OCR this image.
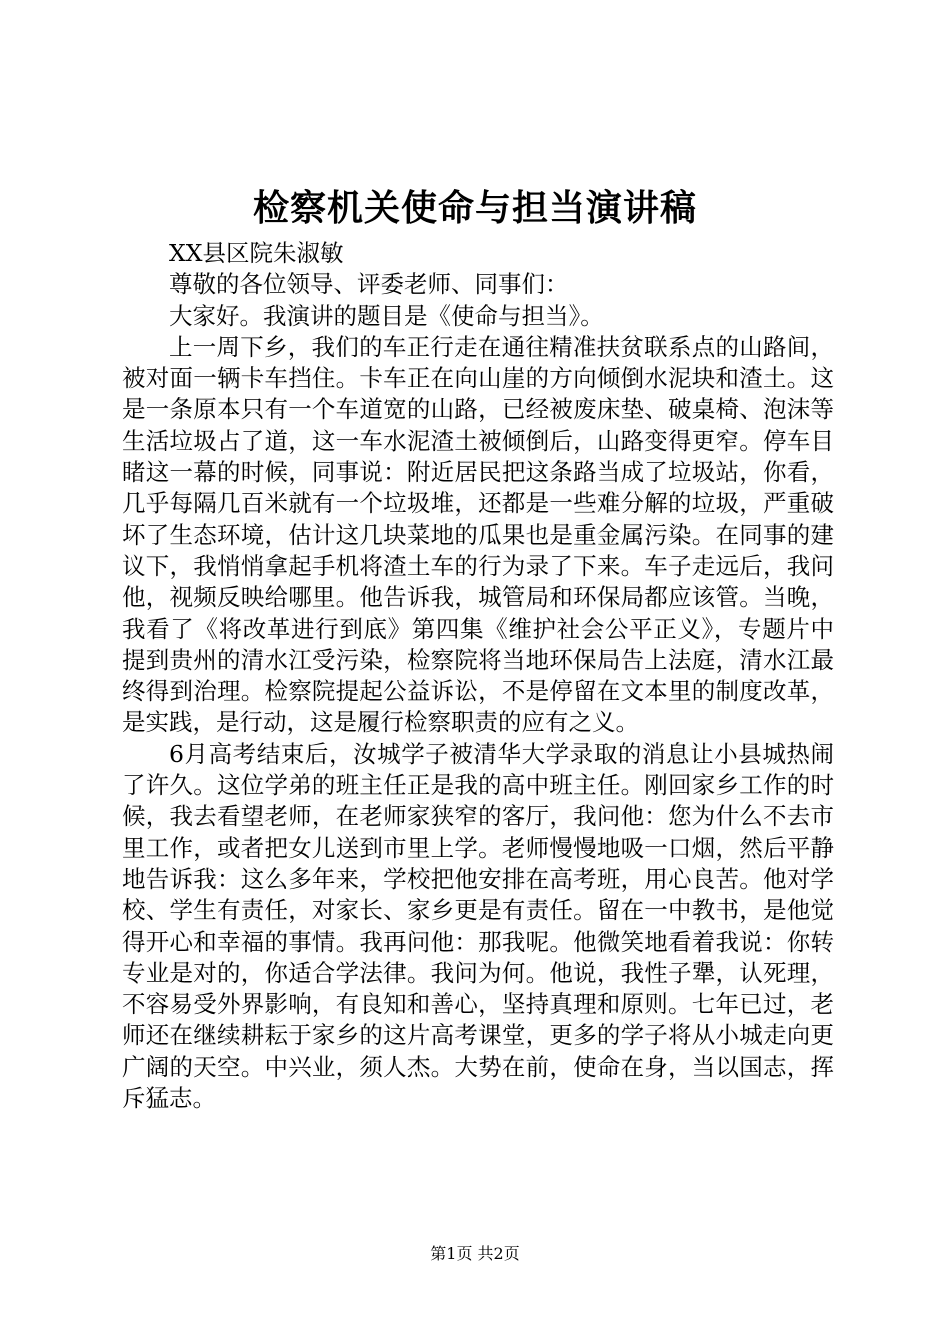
检察机关使命与担当演讲稿

XX县区院朱淑敏

尊敬的各位领导、评委老师、同事们：

大家好。我演讲的题目是《使命与担当》。

上一周下乡，我们的车正行走在通往精准扶贫联系点的山路间，被对面一辆卡车挡住。卡车正在向山崖的方向倾倒水泥块和渣土。这是一条原本只有一个车道宽的山路，已经被废床垫、破桌椅、泡沫等生活垃圾占了道，这一车水泥渣土被倾倒后，山路变得更窄。停车目睹这一幕的时候，同事说：附近居民把这条路当成了垃圾站，你看，几乎每隔几百米就有一个垃圾堆，还都是一些难分解的垃圾，严重破坏了生态环境，估计这几块菜地的瓜果也是重金属污染。在同事的建议下，我悄悄拿起手机将渣土车的行为录了下来。车子走远后，我问他，视频反映给哪里。他告诉我，城管局和环保局都应该管。当晚，我看了《将改革进行到底》第四集《维护社会公平正义》，专题片中提到贵州的清水江受污染，检察院将当地环保局告上法庭，清水江最终得到治理。检察院提起公益诉讼，不是停留在文本里的制度改革，是实践，是行动，这是履行检察职责的应有之义。

6月高考结束后，汝城学子被清华大学录取的消息让小县城热闹了许久。这位学弟的班主任正是我的高中班主任。刚回家乡工作的时候，我去看望老师，在老师家狭窄的客厅，我问他：您为什么不去市里工作，或者把女儿送到市里上学。老师慢慢地吸一口烟，然后平静地告诉我：这么多年来，学校把他安排在高考班，用心良苦。他对学校、学生有责任，对家长、家乡更是有责任。留在一中教书，是他觉得开心和幸福的事情。我再问他：那我呢。他微笑地看着我说：你转专业是对的，你适合学法律。我问为何。他说，我性子犟，认死理，不容易受外界影响，有良知和善心，坚持真理和原则。七年已过，老师还在继续耕耘于家乡的这片高考课堂，更多的学子将从小城走向更广阔的天空。中兴业，须人杰。大势在前，使命在身，当以国志，挥斥猛志。

第1页 共2页
